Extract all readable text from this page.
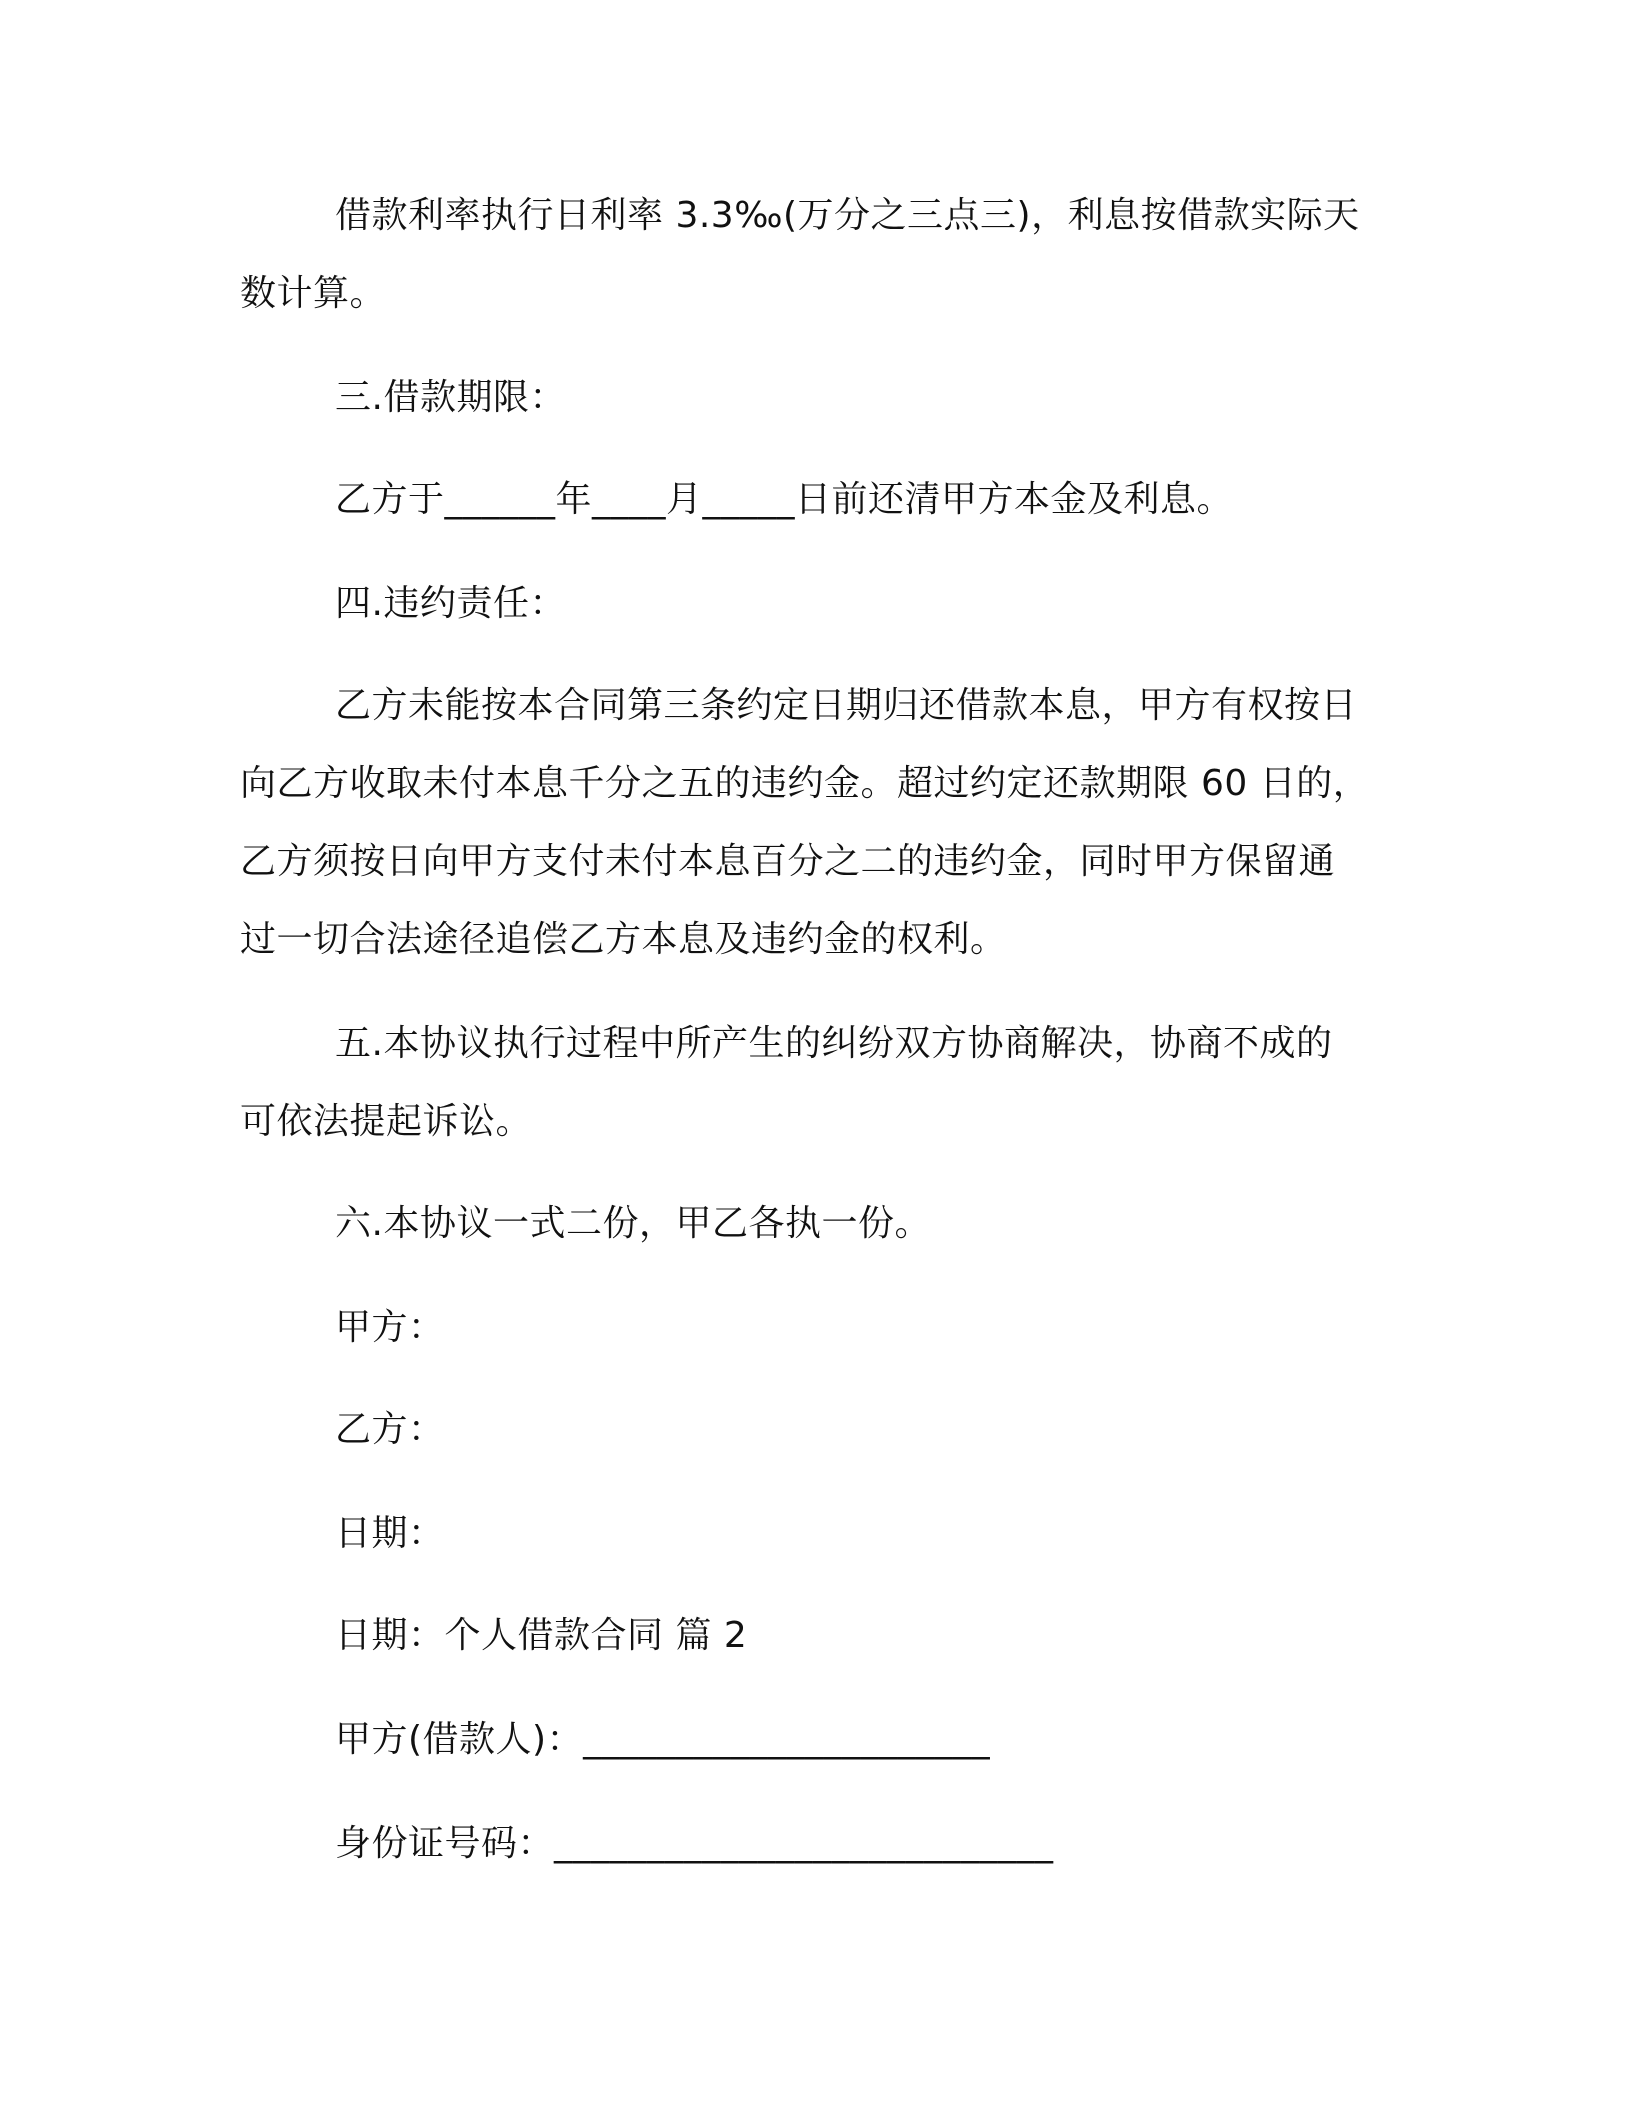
借款利率执行日利率 3.3‰(万分之三点三)，利息按借款实际天
数计算。
三.借款期限：
乙方于______年____月_____日前还清甲方本金及利息。
四.违约责任：
乙方未能按本合同第三条约定日期归还借款本息，甲方有权按日
向乙方收取未付本息千分之五的违约金。超过约定还款期限 60 日的，
乙方须按日向甲方支付未付本息百分之二的违约金，同时甲方保留通
过一切合法途径追偿乙方本息及违约金的权利。
五.本协议执行过程中所产生的纠纷双方协商解决，协商不成的
可依法提起诉讼。
六.本协议一式二份，甲乙各执一份。
甲方：
乙方：
日期：
日期：个人借款合同 篇 2
甲方(借款人)：______________________
身份证号码：___________________________
